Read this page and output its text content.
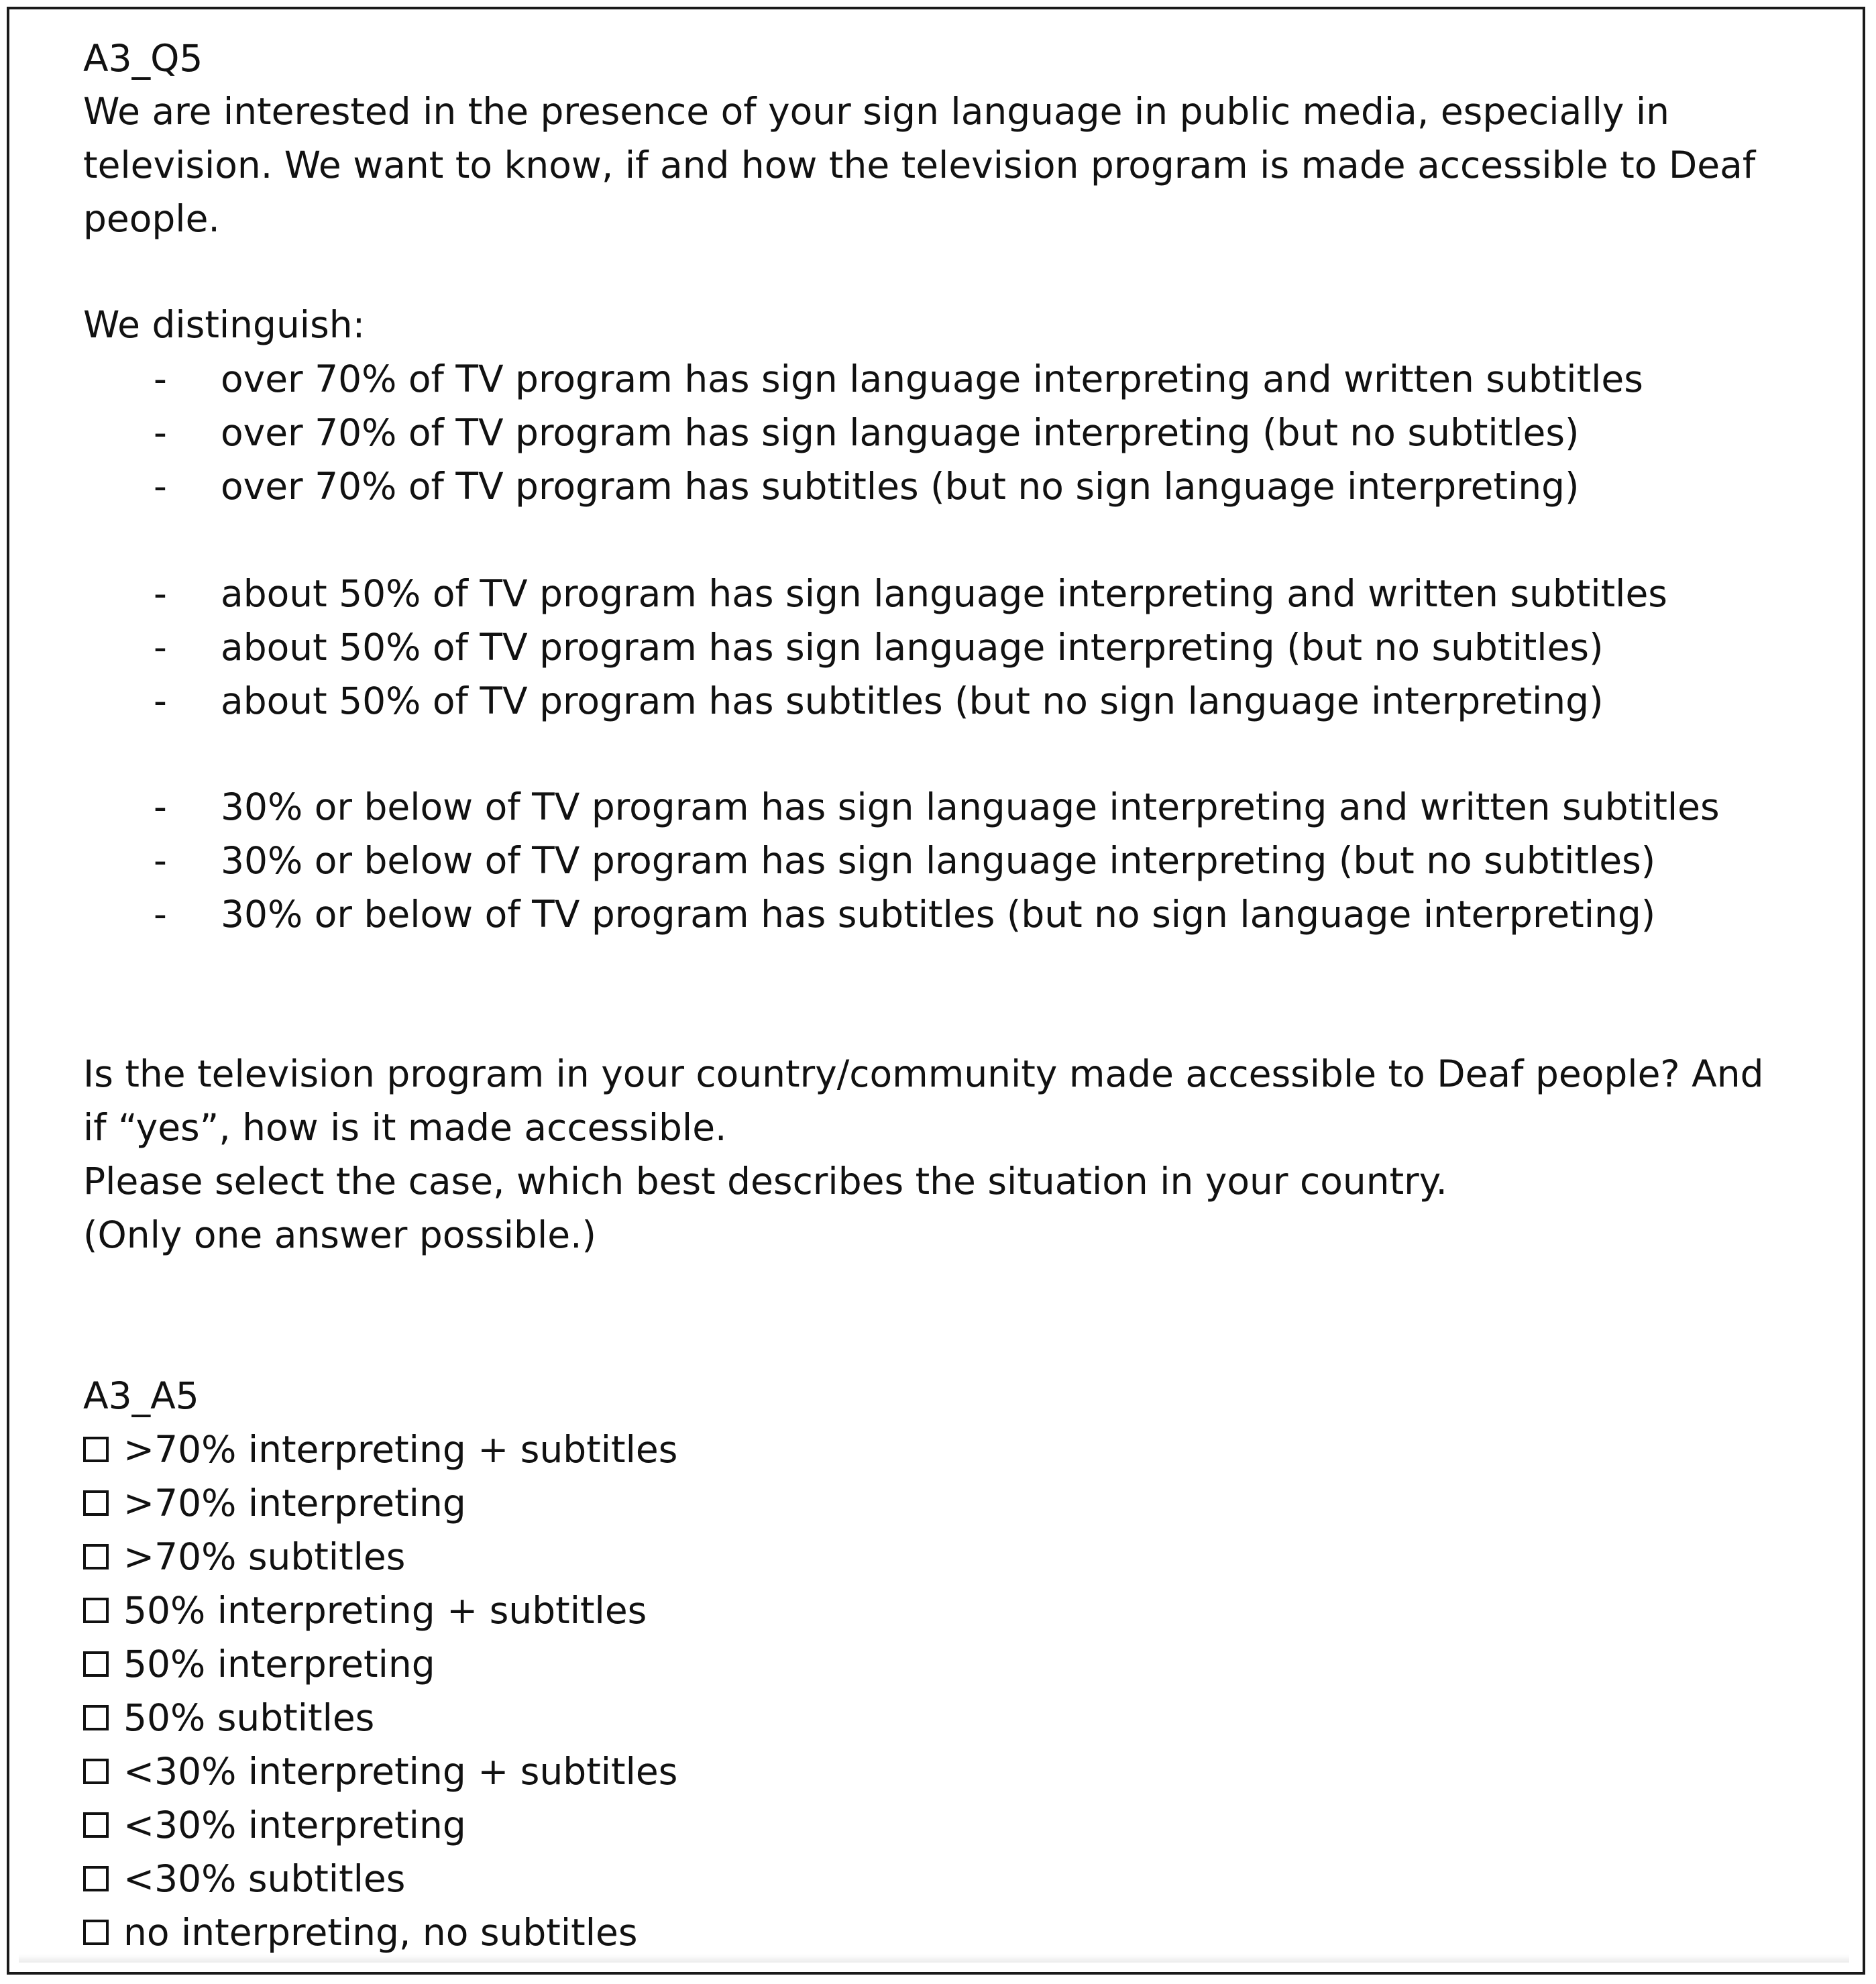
A3_Q5

We are interested in the presence of your sign language in public media, especially in television. We want to know, if and how the television program is made accessible to Deaf people.

We distinguish:

- over 70% of TV program has sign language interpreting and written subtitles
- over 70% of TV program has sign language interpreting (but no subtitles)
- over 70% of TV program has subtitles (but no sign language interpreting)
- about 50% of TV program has sign language interpreting and written subtitles
- about 50% of TV program has sign language interpreting (but no subtitles)
- about 50% of TV program has subtitles (but no sign language interpreting)
- 30% or below of TV program has sign language interpreting and written subtitles
- 30% or below of TV program has sign language interpreting (but no subtitles)
- 30% or below of TV program has subtitles (but no sign language interpreting)

Is the television program in your country/community made accessible to Deaf people? And if “yes”, how is it made accessible.

Please select the case, which best describes the situation in your country.

(Only one answer possible.)

A3_A5

>70% interpreting + subtitles
>70% interpreting
>70% subtitles
50% interpreting + subtitles
50% interpreting
50% subtitles
<30% interpreting + subtitles
<30% interpreting
<30% subtitles
no interpreting, no subtitles
